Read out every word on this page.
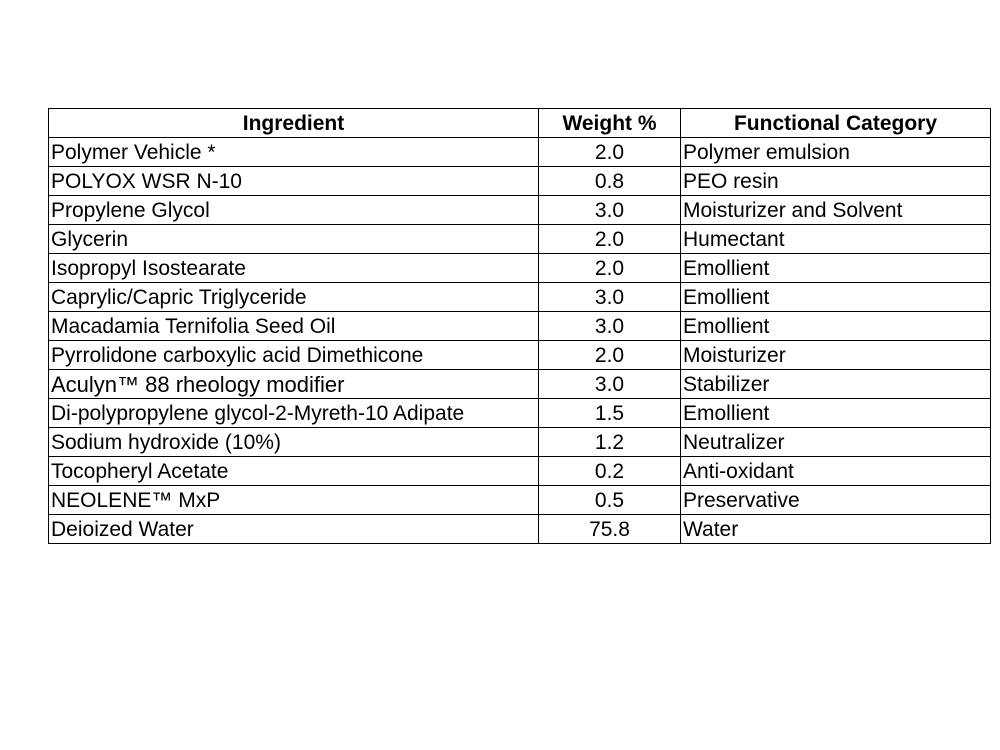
Ingredient	Weight %	Functional Category
Polymer Vehicle *	2.0	Polymer emulsion
POLYOX WSR N-10	0.8	PEO resin
Propylene Glycol	3.0	Moisturizer and Solvent
Glycerin	2.0	Humectant
Isopropyl Isostearate	2.0	Emollient
Caprylic/Capric Triglyceride	3.0	Emollient
Macadamia Ternifolia Seed Oil	3.0	Emollient
Pyrrolidone carboxylic acid Dimethicone	2.0	Moisturizer
Aculyn™ 88 rheology modifier	3.0	Stabilizer
Di-polypropylene glycol-2-Myreth-10 Adipate	1.5	Emollient
Sodium hydroxide (10%)	1.2	Neutralizer
Tocopheryl Acetate	0.2	Anti-oxidant
NEOLENE™ MxP	0.5	Preservative
Deioized Water	75.8	Water
